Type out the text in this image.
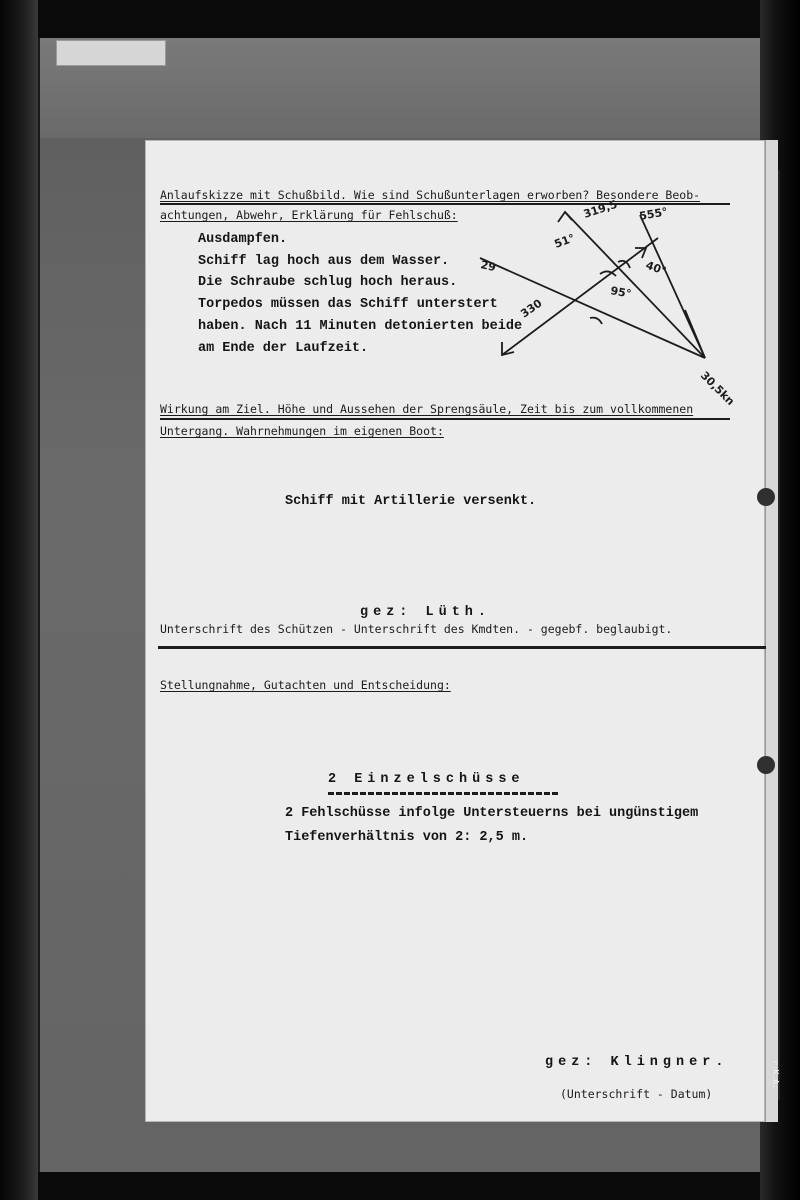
r.K.A.
Anlaufskizze mit Schußbild. Wie sind Schußunterlagen erworben? Besondere Beob-
achtungen, Abwehr, Erklärung für Fehlschuß:
Ausdampfen.
Schiff lag hoch aus dem Wasser.
Die Schraube schlug hoch heraus.
Torpedos müssen das Schiff unterstert
haben. Nach 11 Minuten detonierten beide
am Ende der Laufzeit.
319,5 555°
51°
29	40°
95°
330
30,5kn
Wirkung am Ziel. Höhe und Aussehen der Sprengsäule, Zeit bis zum vollkommenen
Untergang. Wahrnehmungen im eigenen Boot:
Schiff mit Artillerie versenkt.
gez: Lüth.
Unterschrift des Schützen - Unterschrift des Kmdten. - gegebf. beglaubigt.
Stellungnahme, Gutachten und Entscheidung:
2 Einzelschüsse
2 Fehlschüsse infolge Untersteuerns bei ungünstigem
Tiefenverhältnis von 2: 2,5 m.
gez: Klingner.
(Unterschrift - Datum)
